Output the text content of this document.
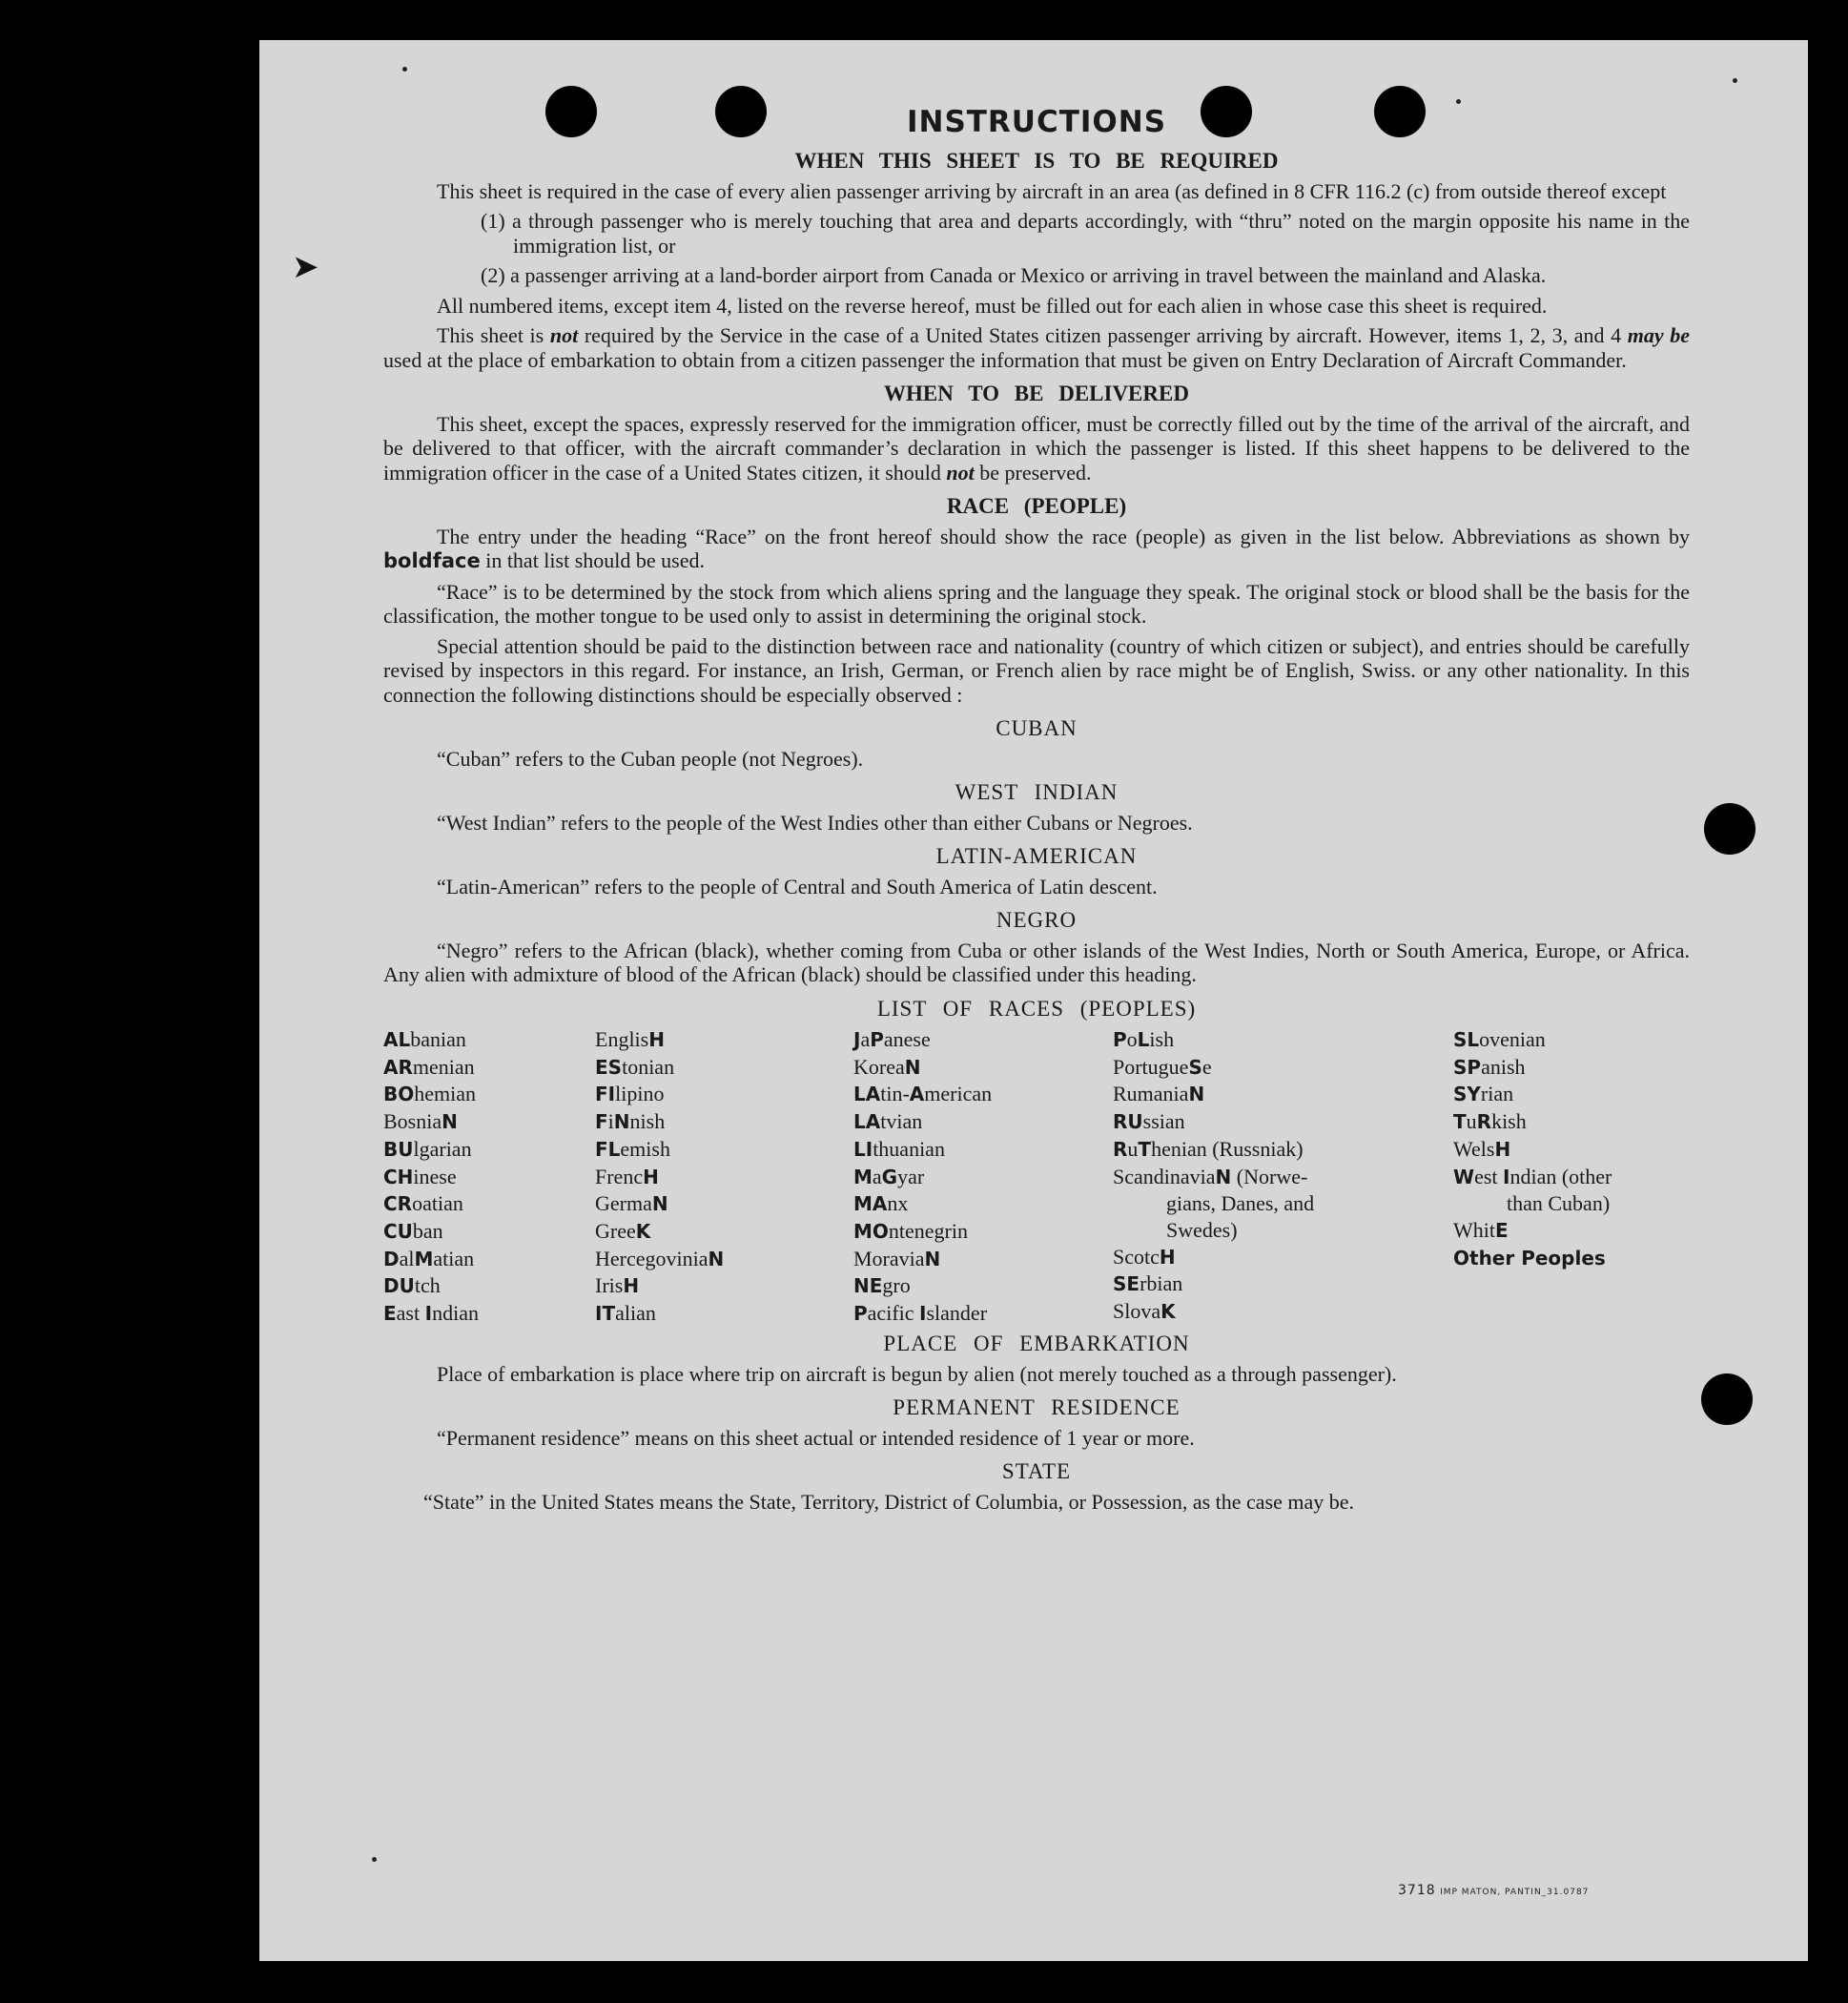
➤
INSTRUCTIONS
WHEN THIS SHEET IS TO BE REQUIRED

This sheet is required in the case of every alien passenger arriving by aircraft in an area (as defined in 8 CFR 116.2 (c) from outside thereof except

(1) a through passenger who is merely touching that area and departs accordingly, with “thru” noted on the margin opposite his name in the immigration list, or
(2) a passenger arriving at a land-border airport from Canada or Mexico or arriving in travel between the mainland and Alaska.

All numbered items, except item 4, listed on the reverse hereof, must be filled out for each alien in whose case this sheet is required.

This sheet is not required by the Service in the case of a United States citizen passenger arriving by aircraft. However, items 1, 2, 3, and 4 may be used at the place of embarkation to obtain from a citizen passenger the information that must be given on Entry Declaration of Aircraft Commander.

WHEN TO BE DELIVERED

This sheet, except the spaces, expressly reserved for the immigration officer, must be correctly filled out by the time of the arrival of the aircraft, and be delivered to that officer, with the aircraft commander’s declaration in which the passenger is listed. If this sheet happens to be delivered to the immigration officer in the case of a United States citizen, it should not be preserved.

RACE (PEOPLE)

The entry under the heading “Race” on the front hereof should show the race (people) as given in the list below. Abbreviations as shown by boldface in that list should be used.

“Race” is to be determined by the stock from which aliens spring and the language they speak. The original stock or blood shall be the basis for the classification, the mother tongue to be used only to assist in determining the original stock.

Special attention should be paid to the distinction between race and nationality (country of which citizen or subject), and entries should be carefully revised by inspectors in this regard. For instance, an Irish, German, or French alien by race might be of English, Swiss. or any other nationality. In this connection the following distinctions should be especially observed :

CUBAN
“Cuban” refers to the Cuban people (not Negroes).
WEST INDIAN
“West Indian” refers to the people of the West Indies other than either Cubans or Negroes.
LATIN-AMERICAN
“Latin-American” refers to the people of Central and South America of Latin descent.
NEGRO

“Negro” refers to the African (black), whether coming from Cuba or other islands of the West Indies, North or South America, Europe, or Africa. Any alien with admixture of blood of the African (black) should be classified under this heading.

LIST OF RACES (PEOPLES)
ALbanian
ARmenian
BOhemian
BosniaN
BUlgarian
CHinese
CRoatian
CUban
DalMatian
DUtch
East Indian
EnglisH
EStonian
FIlipino
FiNnish
FLemish
FrencH
GermaN
GreeK
HercegoviniaN
IrisH
ITalian
JaPanese
KoreaN
LAtin-American
LAtvian
LIthuanian
MaGyar
MAnx
MOntenegrin
MoraviaN
NEgro
Pacific Islander
PoLish
PortugueSe
RumaniaN
RUssian
RuThenian (Russniak)
ScandinaviaN (Norwe-
gians, Danes, and
Swedes)
ScotcH
SErbian
SlovaK
SLovenian
SPanish
SYrian
TuRkish
WelsH
West Indian (other
than Cuban)
WhitE
Other Peoples
PLACE OF EMBARKATION

Place of embarkation is place where trip on aircraft is begun by alien (not merely touched as a through passenger).

PERMANENT RESIDENCE
“Permanent residence” means on this sheet actual or intended residence of 1 year or more.
STATE
“State” in the United States means the State, Territory, District of Columbia, or Possession, as the case may be.
3718 IMP MATON, PANTIN_31.0787
